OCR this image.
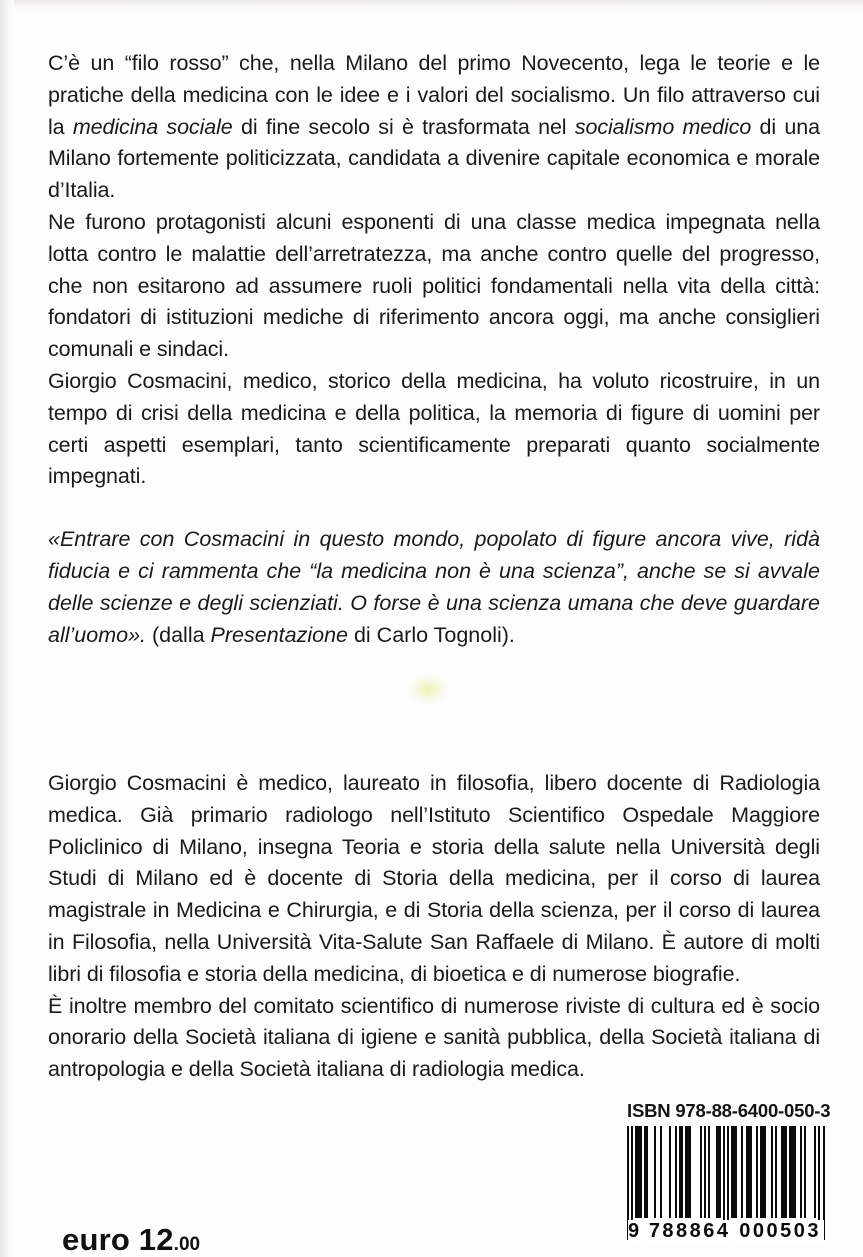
C’è un “filo rosso” che, nella Milano del primo Novecento, lega le teorie e le pratiche della medicina con le idee e i valori del socialismo. Un filo attraverso cui la medicina sociale di fine secolo si è trasformata nel socialismo medico di una Milano fortemente politicizzata, candidata a divenire capitale economica e morale d’Italia.

Ne furono protagonisti alcuni esponenti di una classe medica impegnata nella lotta contro le malattie dell’arretratezza, ma anche contro quelle del progresso, che non esitarono ad assumere ruoli politici fondamentali nella vita della città: fondatori di istituzioni mediche di riferimento ancora oggi, ma anche consiglieri comunali e sindaci.

Giorgio Cosmacini, medico, storico della medicina, ha voluto ricostruire, in un tempo di crisi della medicina e della politica, la memoria di figure di uomini per certi aspetti esemplari, tanto scientificamente preparati quanto socialmente impegnati.

«Entrare con Cosmacini in questo mondo, popolato di figure ancora vive, ridà fiducia e ci rammenta che “la medicina non è una scienza”, anche se si avvale delle scienze e degli scienziati. O forse è una scienza umana che deve guardare all’uomo». (dalla Presentazione di Carlo Tognoli).

Giorgio Cosmacini è medico, laureato in filosofia, libero docente di Radiologia medica. Già primario radiologo nell’Istituto Scientifico Ospedale Maggiore Policlinico di Milano, insegna Teoria e storia della salute nella Università degli Studi di Milano ed è docente di Storia della medicina, per il corso di laurea magistrale in Medicina e Chirurgia, e di Storia della scienza, per il corso di laurea in Filosofia, nella Università Vita-Salute San Raffaele di Milano. È autore di molti libri di filosofia e storia della medicina, di bioetica e di numerose biografie.

È inoltre membro del comitato scientifico di numerose riviste di cultura ed è socio onorario della Società italiana di igiene e sanità pubblica, della Società italiana di antropologia e della Società italiana di radiologia medica.

ISBN 978-88-6400-050-3
9 788864 000503
euro 12.00
